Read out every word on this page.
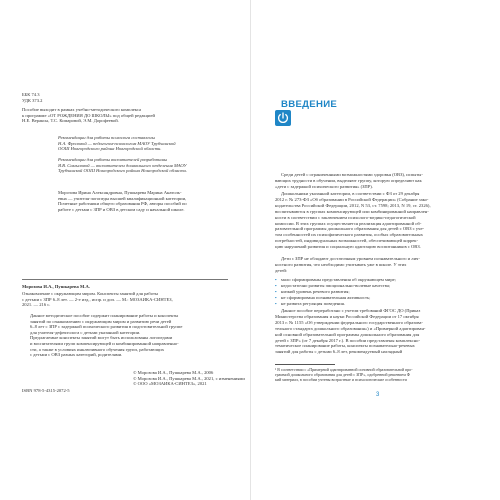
ББК 74.3
УДК 373.2
Пособие выходит в рамках учебно-методического комплекса
к программе «ОТ РОЖДЕНИЯ ДО ШКОЛЫ» под общей редакцией
Н.Е. Вераксы, Т.С. Комаровой, Э.М. Дорофеевой.
Рекомендации для работы психолога составлены
Н.А. Фроловой — педагогом-психологом МАОУ Трубчанской
ООШ Новгородского района Новгородской области.
Рекомендации для работы воспитателей разработаны
Я.В. Самыловой — воспитателем дошкольного отделения МАОУ
Трубчанской ООШ Новгородского района Новгородской области.
Морозова Ирина Александровна, Пушкарева Марина Анатоль-
евна — учителя-логопеды высшей квалификационной категории,
Почетные работники общего образования РФ, авторы пособий по
работе с детьми с ЗПР и ОВЗ в детском саду и начальной школе.
Морозова И.А., Пушкарева М.А.
Ознакомление с окружающим миром. Конспекты занятий для работы
с детьми с ЗПР 6–8 лет. — 2-е изд., испр. и доп. — М.: МОЗАИКА-СИНТЕЗ,
2021. — 216 с.
Данное методическое пособие содержит планирование работы и конспекты
занятий по ознакомлению с окружающим миром и развитию речи детей
6–8 лет с ЗПР с задержкой психического развития в подготовительной группе
для учителя-дефектолога с детьми указанной категории.
Предлагаемые конспекты занятий могут быть использованы логопедами
и воспитателями групп компенсирующей и комбинированной направленно-
сти, а также в условиях инклюзивного обучения групп, работающих
с детьми с ОВЗ разных категорий, родителями.
© Морозова И.А., Пушкарева М.А., 2006
© Морозова И.А., Пушкарева М.А., 2021, с изменениями
© ООО «МОЗАИКА-СИНТЕЗ», 2021
ISBN 978-5-4315-2072-5
ВВЕДЕНИЕ
Среди детей с ограниченными возможностями здоровья (ОВЗ), испыты-
вающих трудности в обучении, выделяют группу, которую определяют как
«дети с задержкой психического развития» (ЗПР).
Дошкольники указанной категории, в соответствии с ФЗ от 29 декабря
2012 г. № 273-ФЗ «Об образовании в Российской Федерации» (Собрание зако-
нодательства Российской Федерации, 2012, N 53, ст. 7598; 2013, N 19, ст. 2326),
воспитываются в группах компенсирующей или комбинированной направлен-
ности в соответствии с заключением психолого-медико-педагогической
комиссии. В этих группах осуществляется реализация адаптированной об-
разовательной программы дошкольного образования для детей с ОВЗ с уче-
том особенностей их психофизического развития, особых образовательных
потребностей, индивидуальных возможностей, обеспечивающей коррек-
цию нарушений развития и социальную адаптацию воспитанников с ОВЗ.
Дети с ЗПР не обладают достаточным уровнем познавательного и лич-
ностного развития, что необходимо учитывать уже в школе. У этих
детей:
• мало сформированы представления об окружающем мире;
• недостаточно развиты эмоционально-волевые качества;
• низкий уровень речевого развития;
• не сформирована познавательная активность;
• не развита регуляция поведения.
Данное пособие переработано с учетом требований ФГОС ДО (Приказ
Министерства образования и науки Российской Федерации от 17 октября
2013 г. № 1155 «Об утверждении федерального государственного образова-
тельного стандарта дошкольного образования») и «Примерной адаптирован-
ной основной образовательной программы дошкольного образования для
детей с ЗПР» (от 7 декабря 2017 г.). В пособии представлены комплексно-
тематическое планирование работы, конспекты познавательно-речевых
занятий для работы с детьми 6–8 лет, рекомендуемый наглядный
¹ В соответствии с «Примерной адаптированной основной образовательной про-
граммой дошкольного образования для детей с ЗПР», одобренной решением Ф
кий материал, в пособии учтены возрастные и психологические особенности
3
